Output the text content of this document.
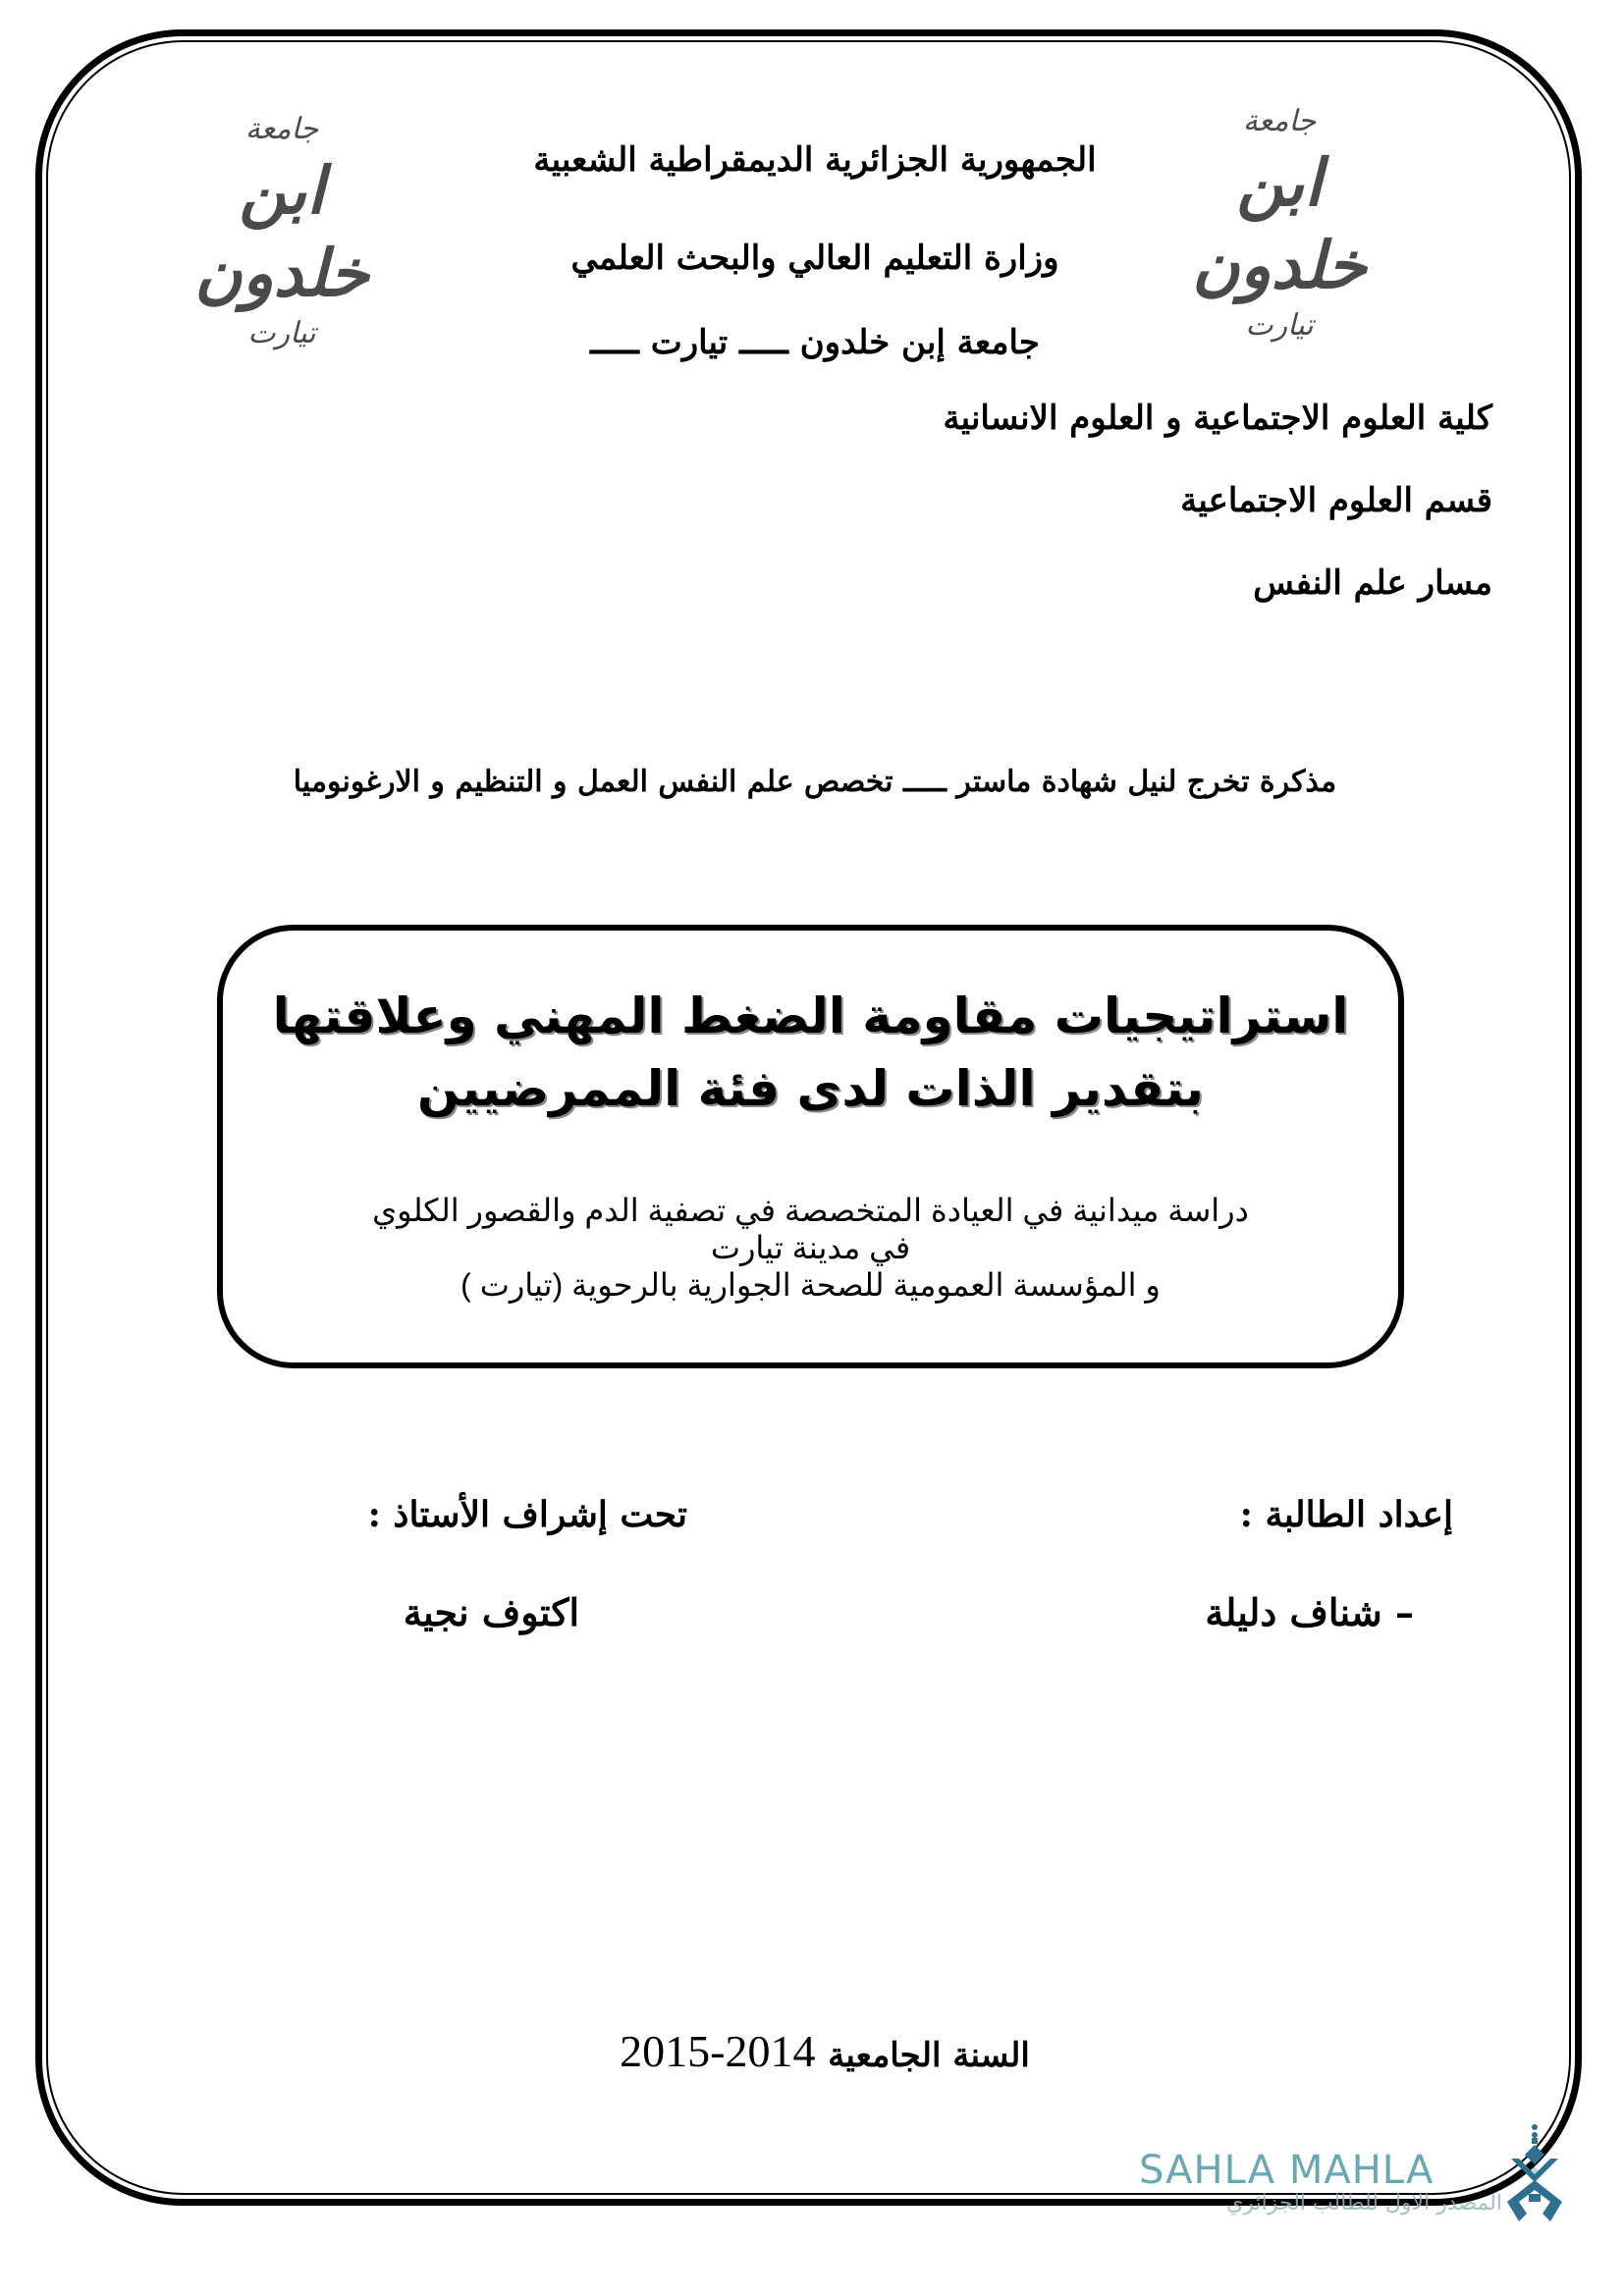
جامعة
ابن خلدون
تيارت
جامعة
ابن خلدون
تيارت
الجمهورية الجزائرية الديمقراطية الشعبية
وزارة التعليم العالي والبحث العلمي
جامعة إبن خلدون ـــــ تيارت ـــــ
كلية العلوم الاجتماعية و العلوم الانسانية
قسم العلوم الاجتماعية
مسار علم النفس
مذكرة تخرج لنيل شهادة ماستر ـــــ تخصص علم النفس العمل و التنظيم و الارغونوميا
استراتيجيات مقاومة الضغط المهني وعلاقتها
بتقدير الذات لدى فئة الممرضيين
دراسة ميدانية في العيادة المتخصصة في تصفية الدم والقصور الكلوي
في مدينة تيارت
و المؤسسة العمومية للصحة الجوارية بالرحوية (تيارت )
إعداد الطالبة :
– شناف دليلة
تحت إشراف الأستاذ :
اكتوف نجية
السنة الجامعية 2015-2014
SAHLA MAHLA
المصدر الاول للطالب الجزائري
